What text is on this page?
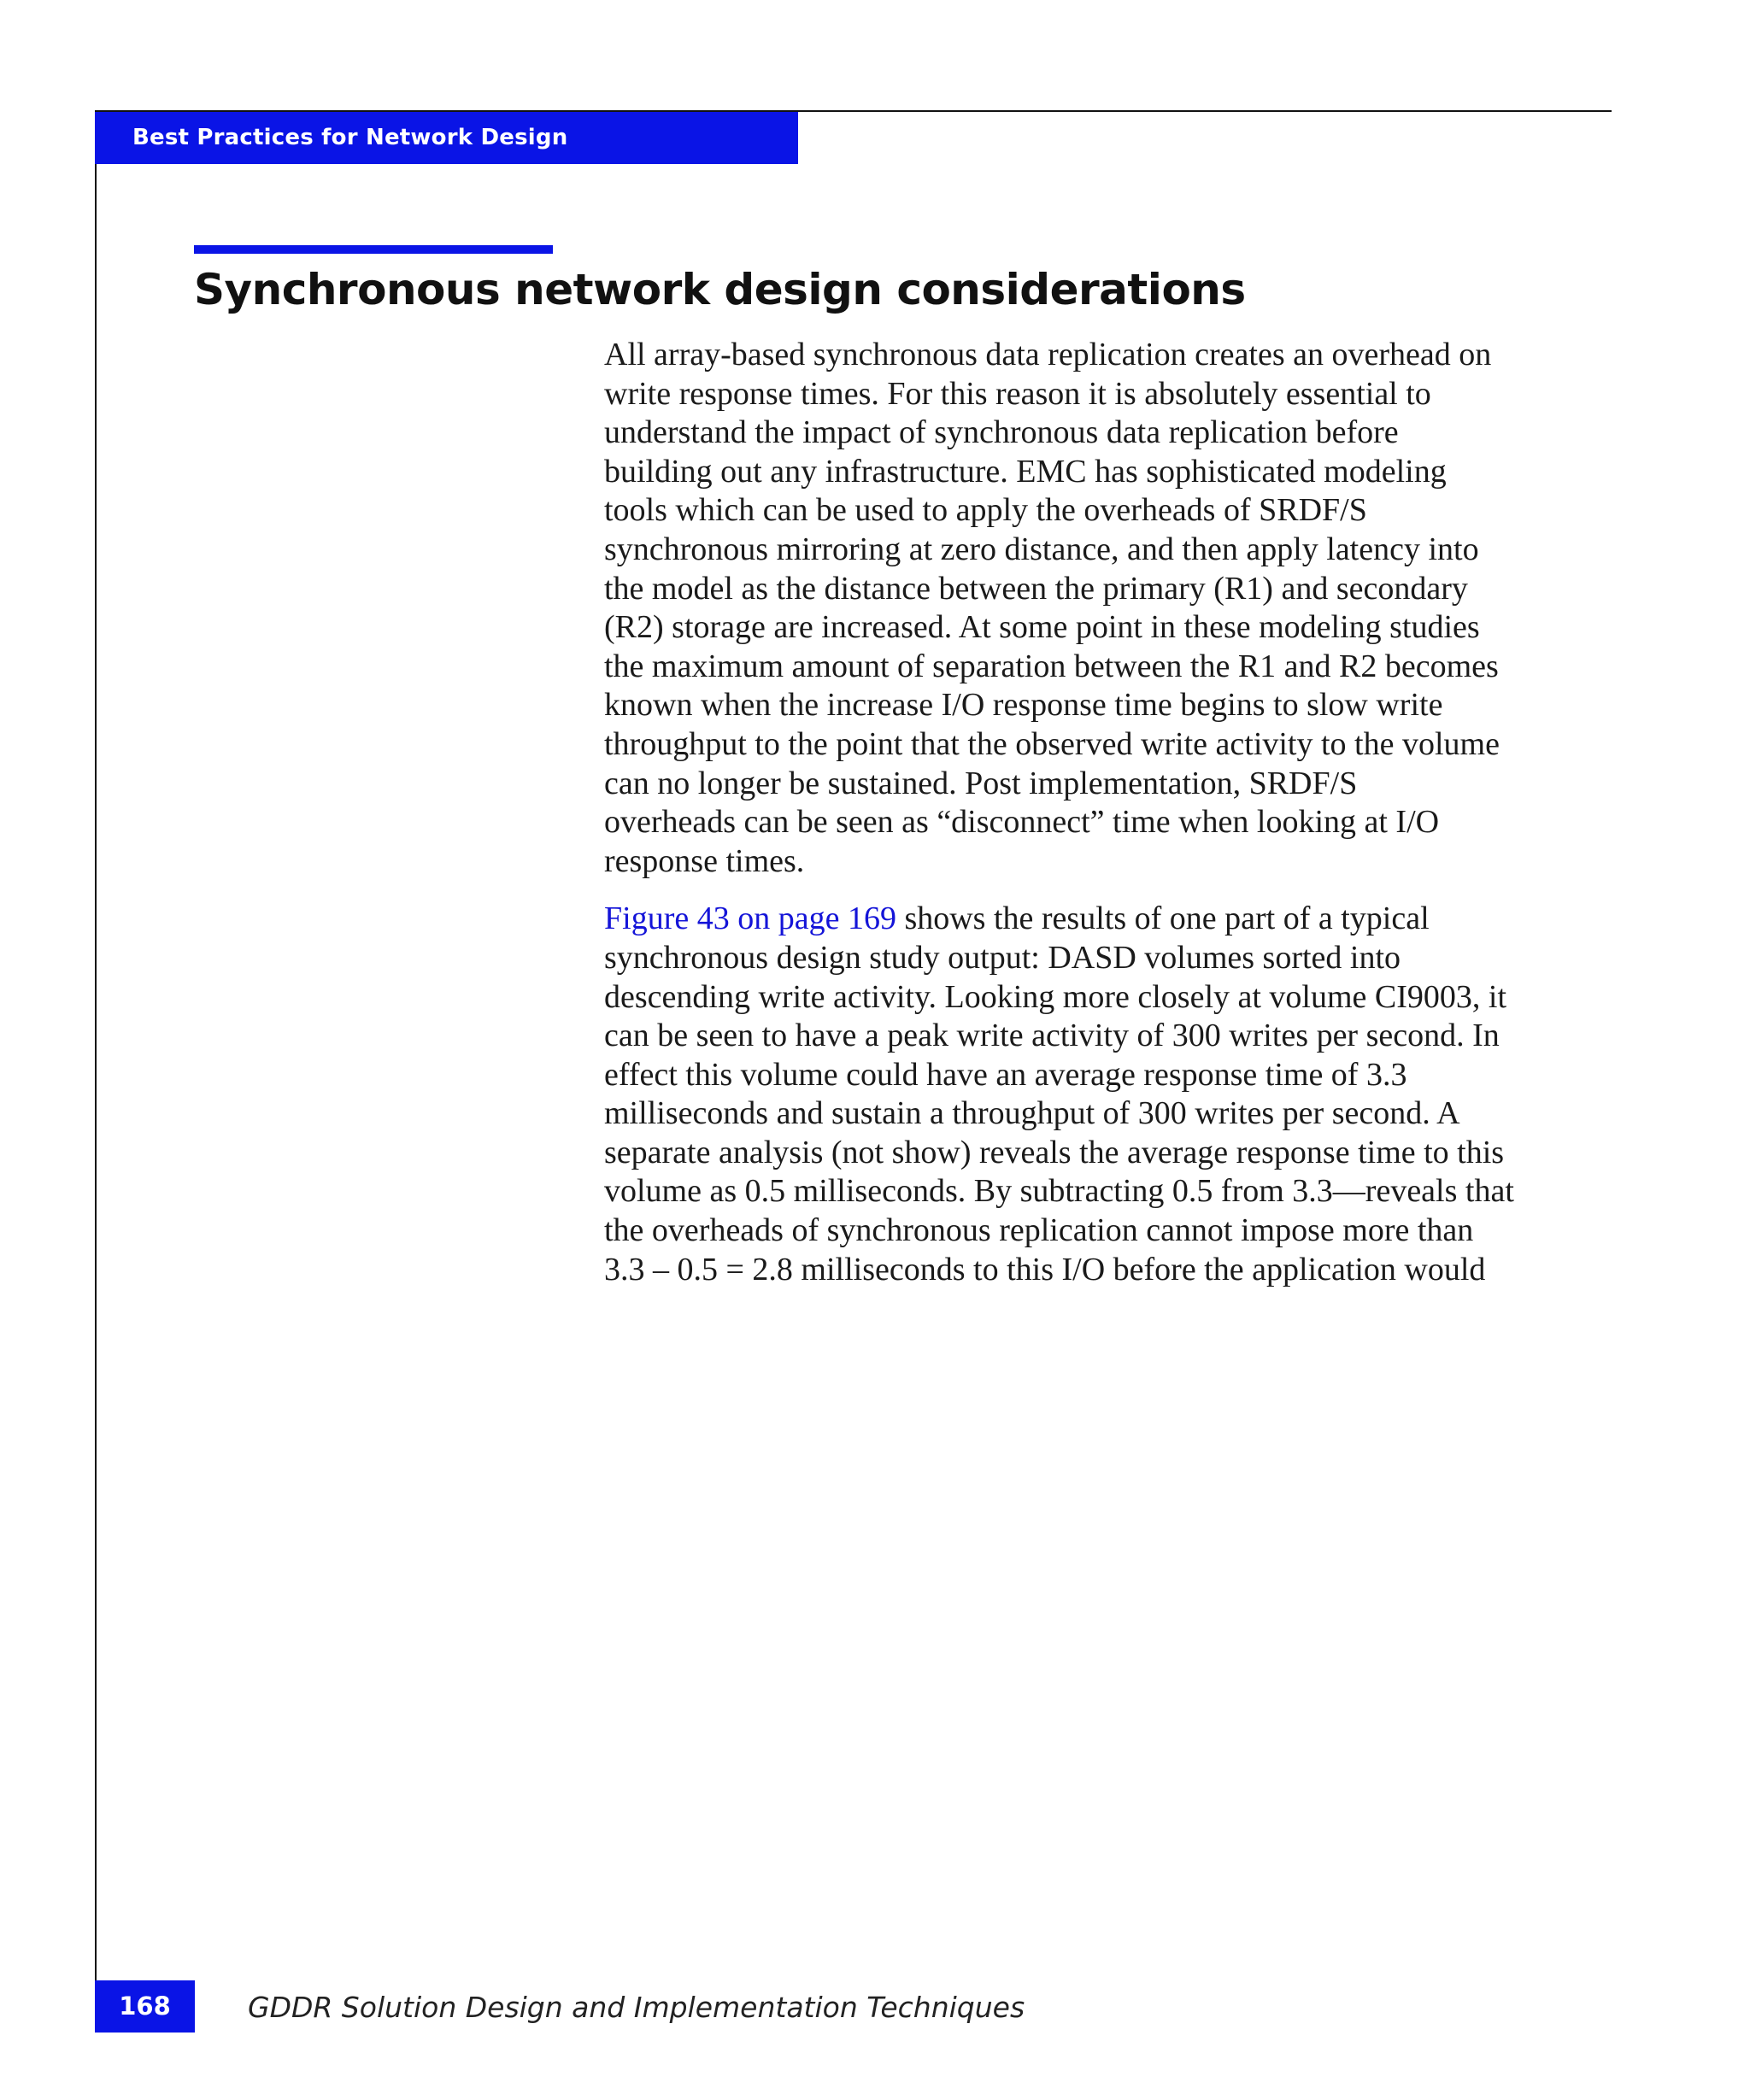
Best Practices for Network Design
Synchronous network design considerations

All array-based synchronous data replication creates an overhead on
write response times. For this reason it is absolutely essential to
understand the impact of synchronous data replication before
building out any infrastructure. EMC has sophisticated modeling
tools which can be used to apply the overheads of SRDF/S
synchronous mirroring at zero distance, and then apply latency into
the model as the distance between the primary (R1) and secondary
(R2) storage are increased. At some point in these modeling studies
the maximum amount of separation between the R1 and R2 becomes
known when the increase I/O response time begins to slow write
throughput to the point that the observed write activity to the volume
can no longer be sustained. Post implementation, SRDF/S
overheads can be seen as “disconnect” time when looking at I/O
response times.

Figure 43 on page 169 shows the results of one part of a typical
synchronous design study output: DASD volumes sorted into
descending write activity. Looking more closely at volume CI9003, it
can be seen to have a peak write activity of 300 writes per second. In
effect this volume could have an average response time of 3.3
milliseconds and sustain a throughput of 300 writes per second. A
separate analysis (not show) reveals the average response time to this
volume as 0.5 milliseconds. By subtracting 0.5 from 3.3—reveals that
the overheads of synchronous replication cannot impose more than
3.3 – 0.5 = 2.8 milliseconds to this I/O before the application would

168	GDDR Solution Design and Implementation Techniques
